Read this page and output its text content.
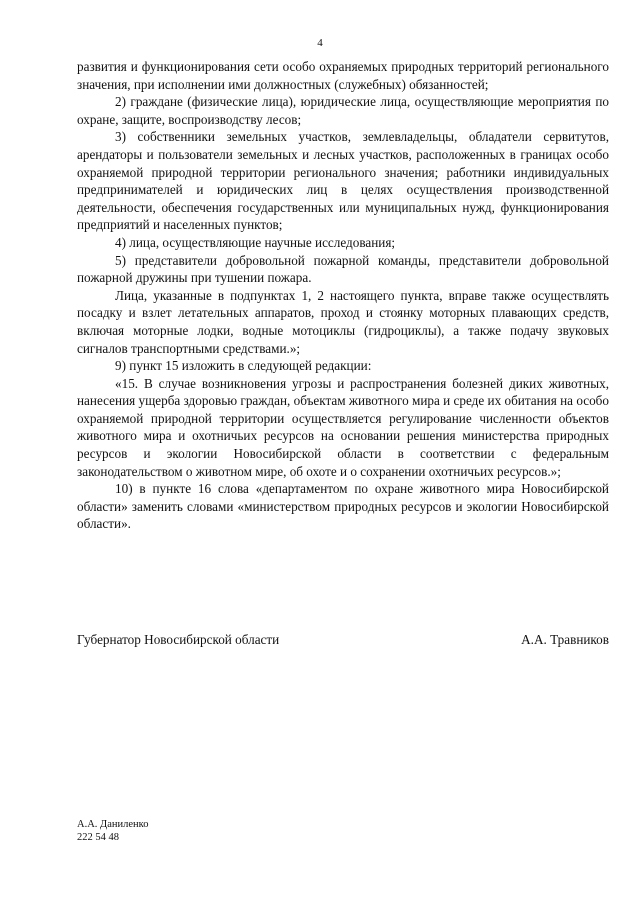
4

развития и функционирования сети особо охраняемых природных территорий регионального значения, при исполнении ими должностных (служебных) обязанностей;

2) граждане (физические лица), юридические лица, осуществляющие мероприятия по охране, защите, воспроизводству лесов;

3) собственники земельных участков, землевладельцы, обладатели сервитутов, арендаторы и пользователи земельных и лесных участков, расположенных в границах особо охраняемой природной территории регионального значения; работники индивидуальных предпринимателей и юридических лиц в целях осуществления производственной деятельности, обеспечения государственных или муниципальных нужд, функционирования предприятий и населенных пунктов;

4) лица, осуществляющие научные исследования;

5) представители добровольной пожарной команды, представители добровольной пожарной дружины при тушении пожара.

Лица, указанные в подпунктах 1, 2 настоящего пункта, вправе также осуществлять посадку и взлет летательных аппаратов, проход и стоянку моторных плавающих средств, включая моторные лодки, водные мотоциклы (гидроциклы), а также подачу звуковых сигналов транспортными средствами.»;

9) пункт 15 изложить в следующей редакции:

«15. В случае возникновения угрозы и распространения болезней диких животных, нанесения ущерба здоровью граждан, объектам животного мира и среде их обитания на особо охраняемой природной территории осуществляется регулирование численности объектов животного мира и охотничьих ресурсов на основании решения министерства природных ресурсов и экологии Новосибирской области в соответствии с федеральным законодательством о животном мире, об охоте и о сохранении охотничьих ресурсов.»;

10) в пункте 16 слова «департаментом по охране животного мира Новосибирской области» заменить словами «министерством природных ресурсов и экологии Новосибирской области».

Губернатор Новосибирской области	А.А. Травников
А.А. Даниленко
222 54 48
